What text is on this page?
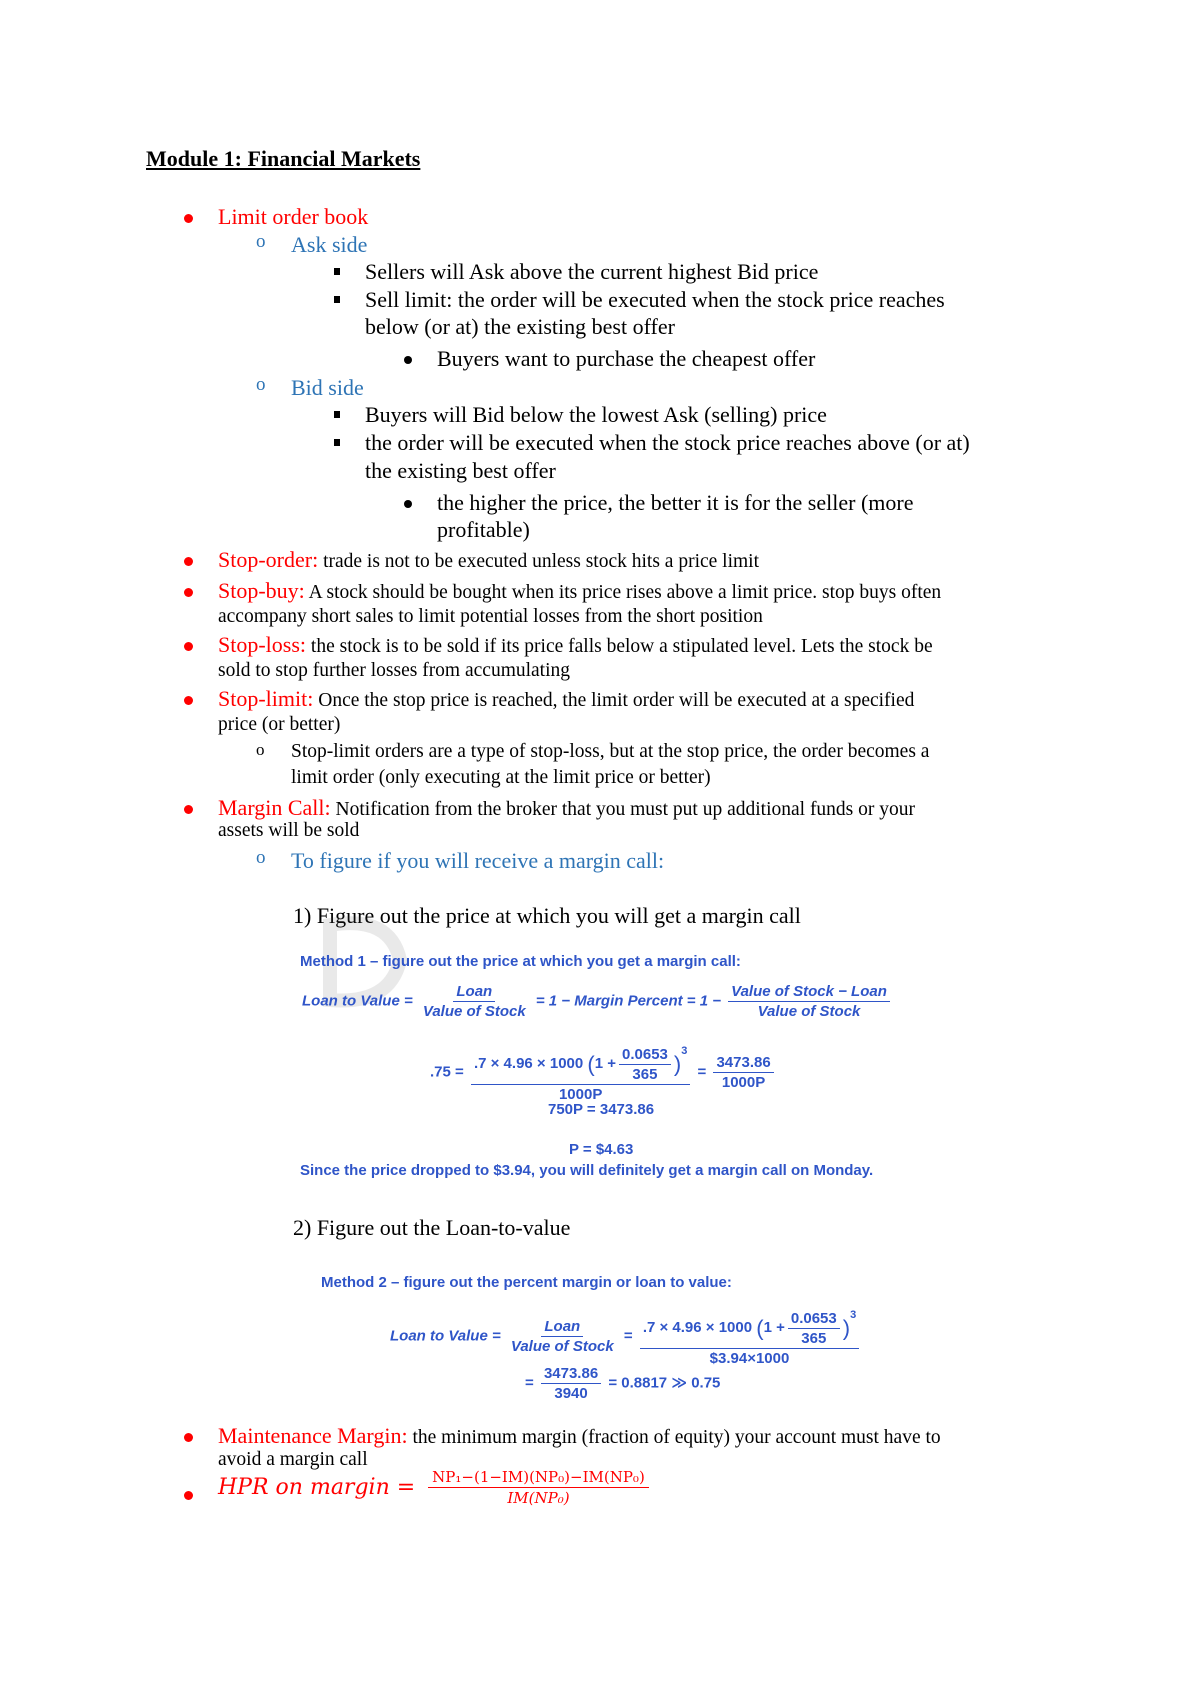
Module 1: Financial Markets
Limit order book
o Ask side
Sellers will Ask above the current highest Bid price
Sell limit: the order will be executed when the stock price reaches
below (or at) the existing best offer
Buyers want to purchase the cheapest offer
o Bid side
Buyers will Bid below the lowest Ask (selling) price
the order will be executed when the stock price reaches above (or at)
the existing best offer
the higher the price, the better it is for the seller (more
profitable)
Stop-order: trade is not to be executed unless stock hits a price limit
Stop-buy: A stock should be bought when its price rises above a limit price. stop buys often
accompany short sales to limit potential losses from the short position
Stop-loss: the stock is to be sold if its price falls below a stipulated level. Lets the stock be
sold to stop further losses from accumulating
Stop-limit: Once the stop price is reached, the limit order will be executed at a specified
price (or better)
o Stop-limit orders are a type of stop-loss, but at the stop price, the order becomes a
limit order (only executing at the limit price or better)
Margin Call: Notification from the broker that you must put up additional funds or your
assets will be sold
o To figure if you will receive a margin call:
1) Figure out the price at which you will get a margin call
Method 1 – figure out the price at which you get a margin call:
Loan to Value = $\frac{\text{Loan}}{\text{Value of Stock}} = 1$ − Margin Percent = $1 - \frac{\text{Value of Stock − Loan}}{\text{Value of Stock}}$
$.75 = \frac{.7 \times 4.96 \times 1000 (1 + \frac{0.0653}{365} )^3}{1000P} = \frac{3473.86}{1000P}$
750P = 3473.86
P = $4.63
Since the price dropped to $3.94, you will definitely get a margin call on Monday.
2) Figure out the Loan-to-value
Method 2 – figure out the percent margin or loan to value:
Loan to Value = $\frac{\text{Loan}}{\text{Value of Stock}} = \frac{.7 \times 4.96 \times 1000 (1 + \frac{0.0653}{365} )^3}{\$3.94\times 1000}$
= $\frac{3473.86}{3940} = 0.8817$ ≫ 0.75
Maintenance Margin: the minimum margin (fraction of equity) your account must have to
avoid a margin call
HPR on margin = $\frac{\text{NP₁−(1−IM)(NP₀)−IM(NP₀)}}{\text{IM(NP₀)}}$
